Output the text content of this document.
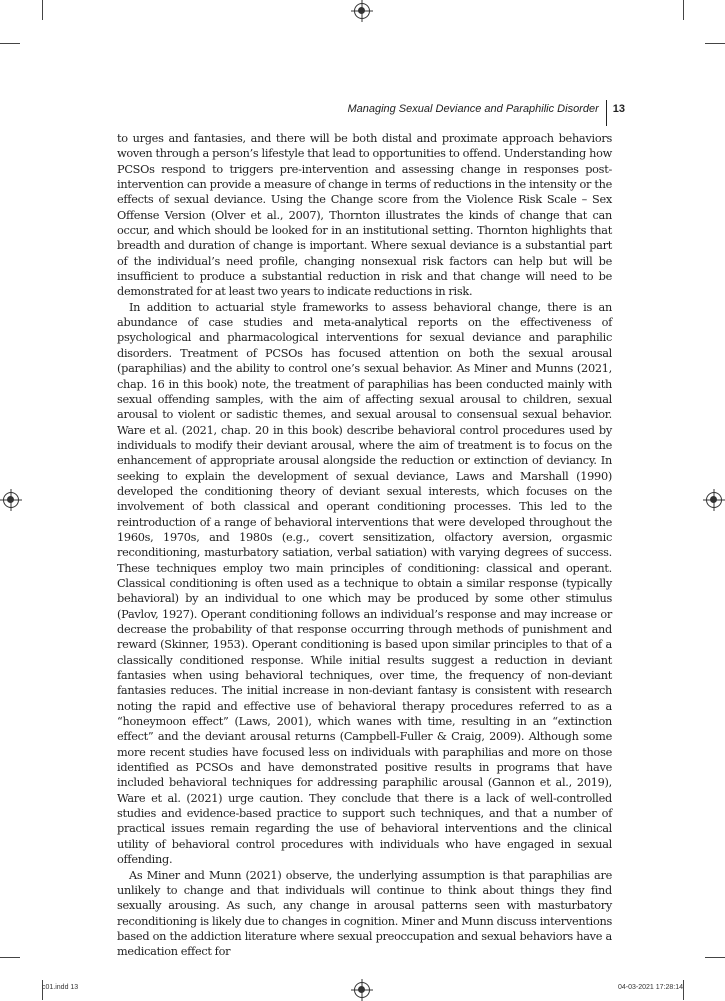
Managing Sexual Deviance and Paraphilic Disorder	13

to urges and fantasies, and there will be both distal and proximate approach behaviors woven through a person’s lifestyle that lead to opportunities to offend. Understanding how PCSOs respond to triggers pre-intervention and assessing change in responses post-intervention can provide a measure of change in terms of reductions in the intensity or the effects of sexual deviance. Using the Change score from the Violence Risk Scale – Sex Offense Version (Olver et al., 2007), Thornton illustrates the kinds of change that can occur, and which should be looked for in an institutional setting. Thornton highlights that breadth and duration of change is important. Where sexual deviance is a substantial part of the individual’s need profile, changing nonsexual risk factors can help but will be insufficient to produce a substantial reduction in risk and that change will need to be demonstrated for at least two years to indicate reductions in risk.

In addition to actuarial style frameworks to assess behavioral change, there is an abundance of case studies and meta-analytical reports on the effectiveness of psychological and pharmacological interventions for sexual deviance and paraphilic disorders. Treatment of PCSOs has focused attention on both the sexual arousal (paraphilias) and the ability to control one’s sexual behavior. As Miner and Munns (2021, chap. 16 in this book) note, the treatment of paraphilias has been conducted mainly with sexual offending samples, with the aim of affecting sexual arousal to children, sexual arousal to violent or sadistic themes, and sexual arousal to consensual sexual behavior. Ware et al. (2021, chap. 20 in this book) describe behavioral control procedures used by individuals to modify their deviant arousal, where the aim of treatment is to focus on the enhancement of appropriate arousal alongside the reduction or extinction of deviancy. In seeking to explain the development of sexual deviance, Laws and Marshall (1990) developed the conditioning theory of deviant sexual interests, which focuses on the involvement of both classical and operant conditioning processes. This led to the reintroduction of a range of behavioral interventions that were developed throughout the 1960s, 1970s, and 1980s (e.g., covert sensitization, olfactory aversion, orgasmic reconditioning, masturbatory satiation, verbal satiation) with varying degrees of success. These techniques employ two main principles of conditioning: classical and operant. Classical conditioning is often used as a technique to obtain a similar response (typically behavioral) by an individual to one which may be produced by some other stimulus (Pavlov, 1927). Operant conditioning follows an individual’s response and may increase or decrease the probability of that response occurring through methods of punishment and reward (Skinner, 1953). Operant conditioning is based upon similar principles to that of a classically conditioned response. While initial results suggest a reduction in deviant fantasies when using behavioral techniques, over time, the frequency of non-deviant fantasies reduces. The initial increase in non-deviant fantasy is consistent with research noting the rapid and effective use of behavioral therapy procedures referred to as a “honeymoon effect” (Laws, 2001), which wanes with time, resulting in an “extinction effect” and the deviant arousal returns (Campbell-Fuller & Craig, 2009). Although some more recent studies have focused less on individuals with paraphilias and more on those identified as PCSOs and have demonstrated positive results in programs that have included behavioral techniques for addressing paraphilic arousal (Gannon et al., 2019), Ware et al. (2021) urge caution. They conclude that there is a lack of well-controlled studies and evidence-based practice to support such techniques, and that a number of practical issues remain regarding the use of behavioral interventions and the clinical utility of behavioral control procedures with individuals who have engaged in sexual offending.

As Miner and Munn (2021) observe, the underlying assumption is that paraphilias are unlikely to change and that individuals will continue to think about things they find sexually arousing. As such, any change in arousal patterns seen with masturbatory reconditioning is likely due to changes in cognition. Miner and Munn discuss interventions based on the addiction literature where sexual preoccupation and sexual behaviors have a medication effect for

c01.indd 13	04-03-2021 17:28:14
